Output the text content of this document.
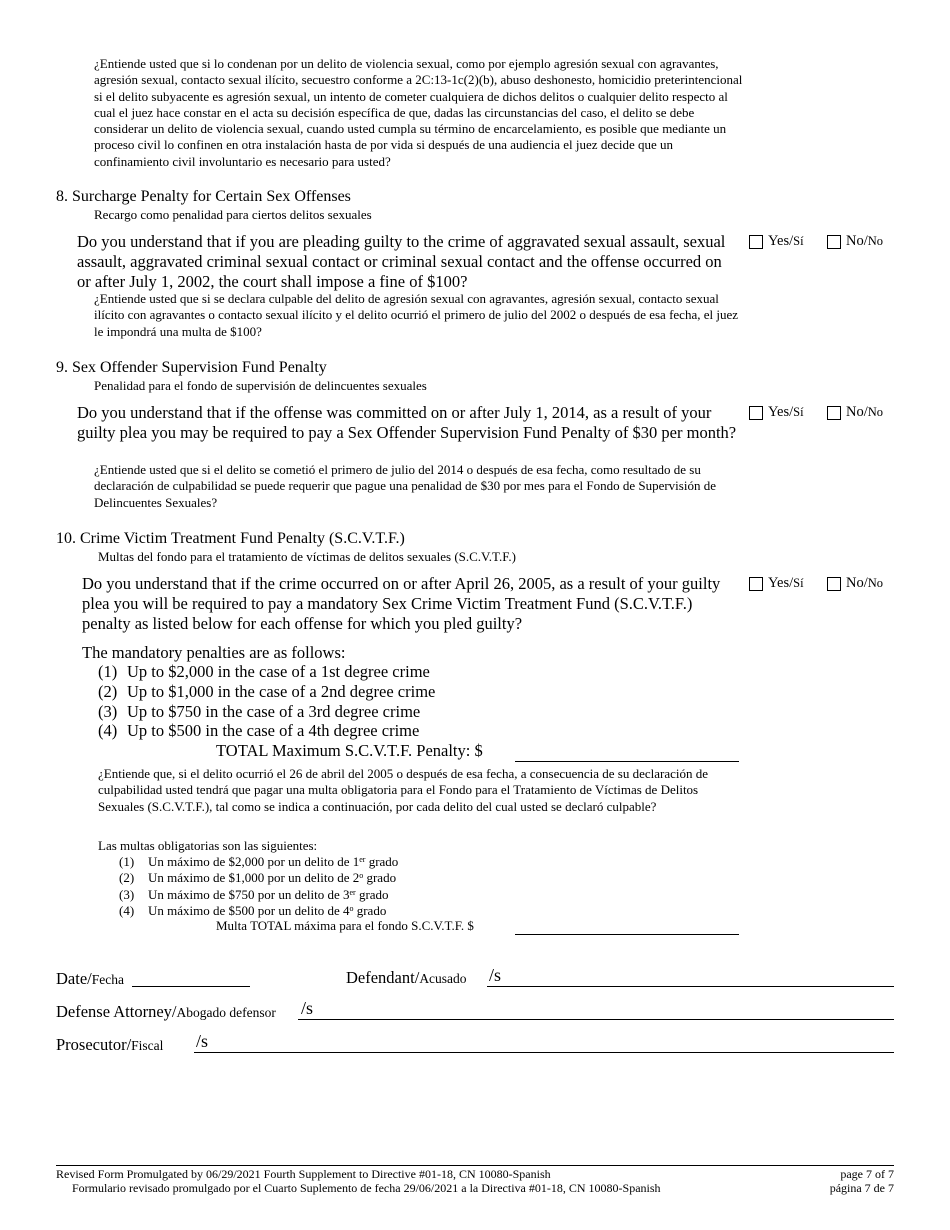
¿Entiende usted que si lo condenan por un delito de violencia sexual, como por ejemplo agresión sexual con agravantes, agresión sexual, contacto sexual ilícito, secuestro conforme a 2C:13-1c(2)(b), abuso deshonesto, homicidio preterintencional si el delito subyacente es agresión sexual, un intento de cometer cualquiera de dichos delitos o cualquier delito respecto al cual el juez hace constar en el acta su decisión específica de que, dadas las circunstancias del caso, el delito se debe considerar un delito de violencia sexual, cuando usted cumpla su término de encarcelamiento, es posible que mediante un proceso civil lo confinen en otra instalación hasta de por vida si después de una audiencia el juez decide que un confinamiento civil involuntario es necesario para usted?
8. Surcharge Penalty for Certain Sex Offenses
Recargo como penalidad para ciertos delitos sexuales
Do you understand that if you are pleading guilty to the crime of aggravated sexual assault, sexual assault, aggravated criminal sexual contact or criminal sexual contact and the offense occurred on or after July 1, 2002, the court shall impose a fine of $100?
¿Entiende usted que si se declara culpable del delito de agresión sexual con agravantes, agresión sexual, contacto sexual ilícito con agravantes o contacto sexual ilícito y el delito ocurrió el primero de julio del 2002 o después de esa fecha, el juez le impondrá una multa de $100?
Yes/ Sí	No/ No
9. Sex Offender Supervision Fund Penalty
Penalidad para el fondo de supervisión de delincuentes sexuales
Do you understand that if the offense was committed on or after July 1, 2014, as a result of your guilty plea you may be required to pay a Sex Offender Supervision Fund Penalty of $30 per month?
¿Entiende usted que si el delito se cometió el primero de julio del 2014 o después de esa fecha, como resultado de su declaración de culpabilidad se puede requerir que pague una penalidad de $30 por mes para el Fondo de Supervisión de Delincuentes Sexuales?
Yes/ Sí	No/ No
10. Crime Victim Treatment Fund Penalty (S.C.V.T.F.)
Multas del fondo para el tratamiento de víctimas de delitos sexuales (S.C.V.T.F.)
Do you understand that if the crime occurred on or after April 26, 2005, as a result of your guilty plea you will be required to pay a mandatory Sex Crime Victim Treatment Fund (S.C.V.T.F.) penalty as listed below for each offense for which you pled guilty?
Yes/ Sí	No/ No
The mandatory penalties are as follows:
(1) Up to $2,000 in the case of a 1st degree crime
(2) Up to $1,000 in the case of a 2nd degree crime
(3) Up to $750 in the case of a 3rd degree crime
(4) Up to $500 in the case of a 4th degree crime
TOTAL Maximum S.C.V.T.F. Penalty: $
¿Entiende que, si el delito ocurrió el 26 de abril del 2005 o después de esa fecha, a consecuencia de su declaración de culpabilidad usted tendrá que pagar una multa obligatoria para el Fondo para el Tratamiento de Víctimas de Delitos Sexuales (S.C.V.T.F.), tal como se indica a continuación, por cada delito del cual usted se declaró culpable?
Las multas obligatorias son las siguientes:
(1)	Un máximo de $2,000 por un delito de 1er grado
(2)	Un máximo de $1,000 por un delito de 2$^o$ grado
(3)	Un máximo de $750 por un delito de 3er grado
(4)	Un máximo de $500 por un delito de 4$^o$ grado
Multa TOTAL máxima para el fondo S.C.V.T.F. $
Date/Fecha	Defendant/Acusado /s
Defense Attorney/Abogado defensor /s
Prosecutor/Fiscal /s
Revised Form Promulgated by 06/29/2021 Fourth Supplement to Directive #01-18, CN 10080-Spanish
Formulario revisado promulgado por el Cuarto Suplemento de fecha 29/06/2021 a la Directiva #01-18, CN 10080-Spanish
page 7 of 7
página 7 de 7
